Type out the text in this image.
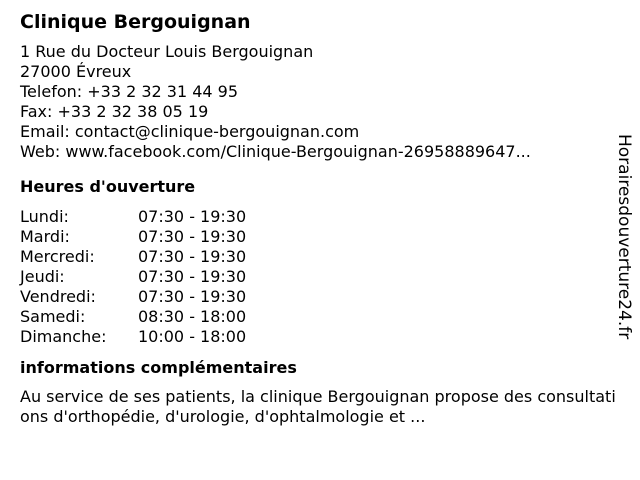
Clinique Bergouignan
1 Rue du Docteur Louis Bergouignan
27000 Évreux
Telefon: +33 2 32 31 44 95
Fax: +33 2 32 38 05 19
Email: contact@clinique-bergouignan.com
Web: www.facebook.com/Clinique-Bergouignan-26958889647...
Heures d'ouverture
Lundi:	07:30 - 19:30
Mardi:	07:30 - 19:30
Mercredi:	07:30 - 19:30
Jeudi:	07:30 - 19:30
Vendredi:	07:30 - 19:30
Samedi:	08:30 - 18:00
Dimanche:	10:00 - 18:00
informations complémentaires
Au service de ses patients, la clinique Bergouignan propose des consultations d'orthopédie, d'urologie, d'ophtalmologie et ...
Horairesdouverture24.fr
